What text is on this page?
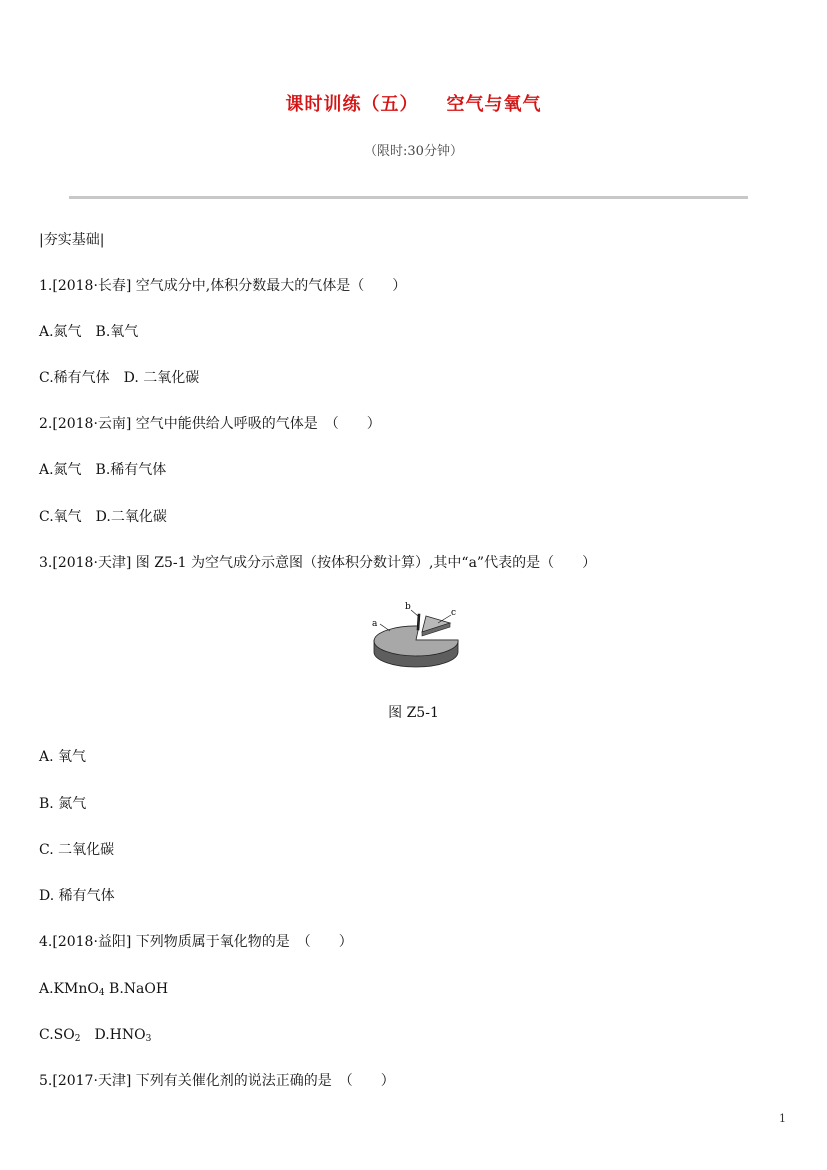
课时训练（五） 空气与氧气
（限时:30分钟）
|夯实基础|
1.[2018·长春] 空气成分中,体积分数最大的气体是（　　）
A.氮气　B.氧气
C.稀有气体　D. 二氧化碳
2.[2018·云南] 空气中能供给人呼吸的气体是　（　　）
A.氮气　B.稀有气体
C.氧气　D.二氧化碳
3.[2018·天津] 图 Z5-1 为空气成分示意图（按体积分数计算）,其中“a”代表的是（　　）
a
b
c
图 Z5-1
A. 氧气
B. 氮气
C. 二氧化碳
D. 稀有气体
4.[2018·益阳] 下列物质属于氧化物的是　（　　）
A.KMnO$_4$ B.NaOH
$C.SO_2$　$D.HNO_3$
5.[2017·天津] 下列有关催化剂的说法正确的是　（　　）
1
